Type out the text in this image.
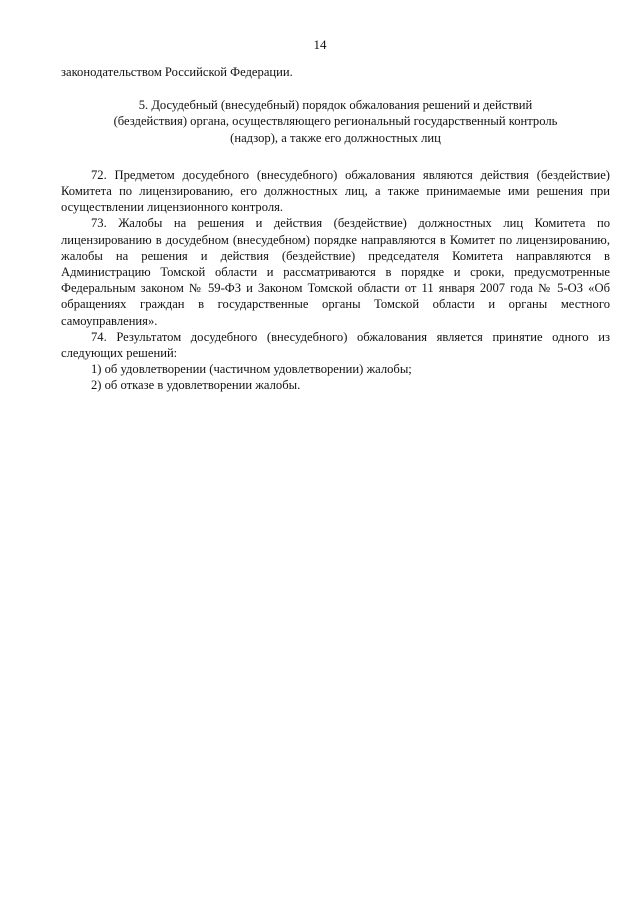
14

законодательством Российской Федерации.

5. Досудебный (внесудебный) порядок обжалования решений и действий
(бездействия) органа, осуществляющего региональный государственный контроль
(надзор), а также его должностных лиц

72. Предметом досудебного (внесудебного) обжалования являются действия (бездействие) Комитета по лицензированию, его должностных лиц, а также принимаемые ими решения при осуществлении лицензионного контроля.

73. Жалобы на решения и действия (бездействие) должностных лиц Комитета по лицензированию в досудебном (внесудебном) порядке направляются в Комитет по лицензированию, жалобы на решения и действия (бездействие) председателя Комитета направляются в Администрацию Томской области и рассматриваются в порядке и сроки, предусмотренные Федеральным законом № 59-ФЗ и Законом Томской области от 11 января 2007 года № 5-ОЗ «Об обращениях граждан в государственные органы Томской области и органы местного самоуправления».

74. Результатом досудебного (внесудебного) обжалования является принятие одного из следующих решений:

1) об удовлетворении (частичном удовлетворении) жалобы;

2) об отказе в удовлетворении жалобы.
